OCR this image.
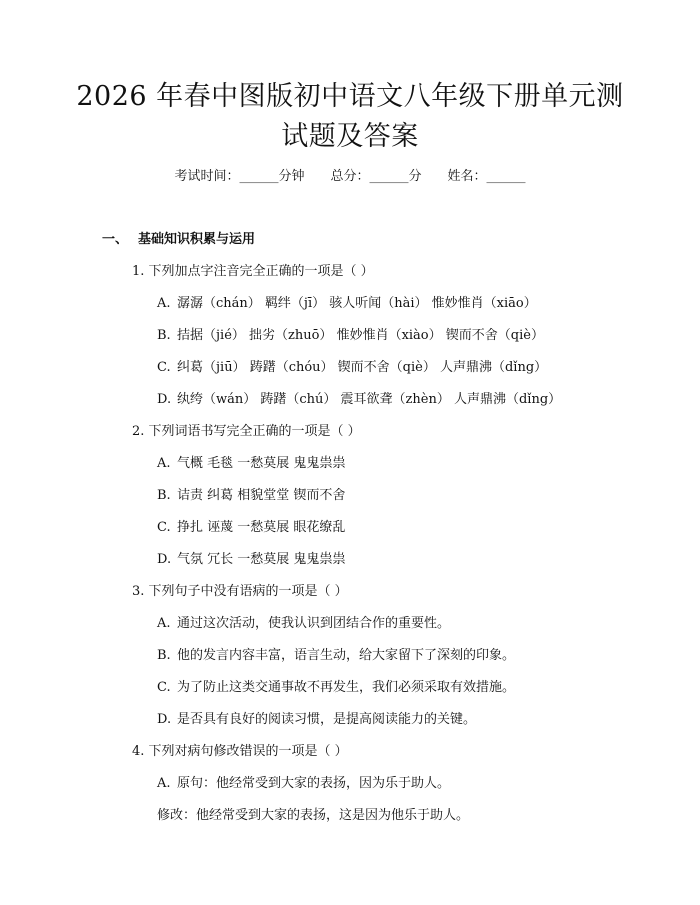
2026 年春中图版初中语文八年级下册单元测
试题及答案
考试时间：______分钟 总分：______分 姓名：______
一、 基础知识积累与运用
1. 下列加点字注音完全正确的一项是（ ）
A. 潺潺（chán） 羁绊（jī） 骇人听闻（hài） 惟妙惟肖（xiāo）
B. 拮据（jié） 拙劣（zhuō） 惟妙惟肖（xiào） 锲而不舍（qiè）
C. 纠葛（jiū） 踌躇（chóu） 锲而不舍（qiè） 人声鼎沸（dǐng）
D. 纨绔（wán） 踌躇（chú） 震耳欲聋（zhèn） 人声鼎沸（dǐng）
2. 下列词语书写完全正确的一项是（ ）
A. 气概 毛毯 一愁莫展 鬼鬼祟祟
B. 诘责 纠葛 相貌堂堂 锲而不舍
C. 挣扎 诬蔑 一愁莫展 眼花缭乱
D. 气氛 冗长 一愁莫展 鬼鬼祟祟
3. 下列句子中没有语病的一项是（ ）
A. 通过这次活动，使我认识到团结合作的重要性。
B. 他的发言内容丰富，语言生动，给大家留下了深刻的印象。
C. 为了防止这类交通事故不再发生，我们必须采取有效措施。
D. 是否具有良好的阅读习惯，是提高阅读能力的关键。
4. 下列对病句修改错误的一项是（ ）
A. 原句：他经常受到大家的表扬，因为乐于助人。
修改：他经常受到大家的表扬，这是因为他乐于助人。
